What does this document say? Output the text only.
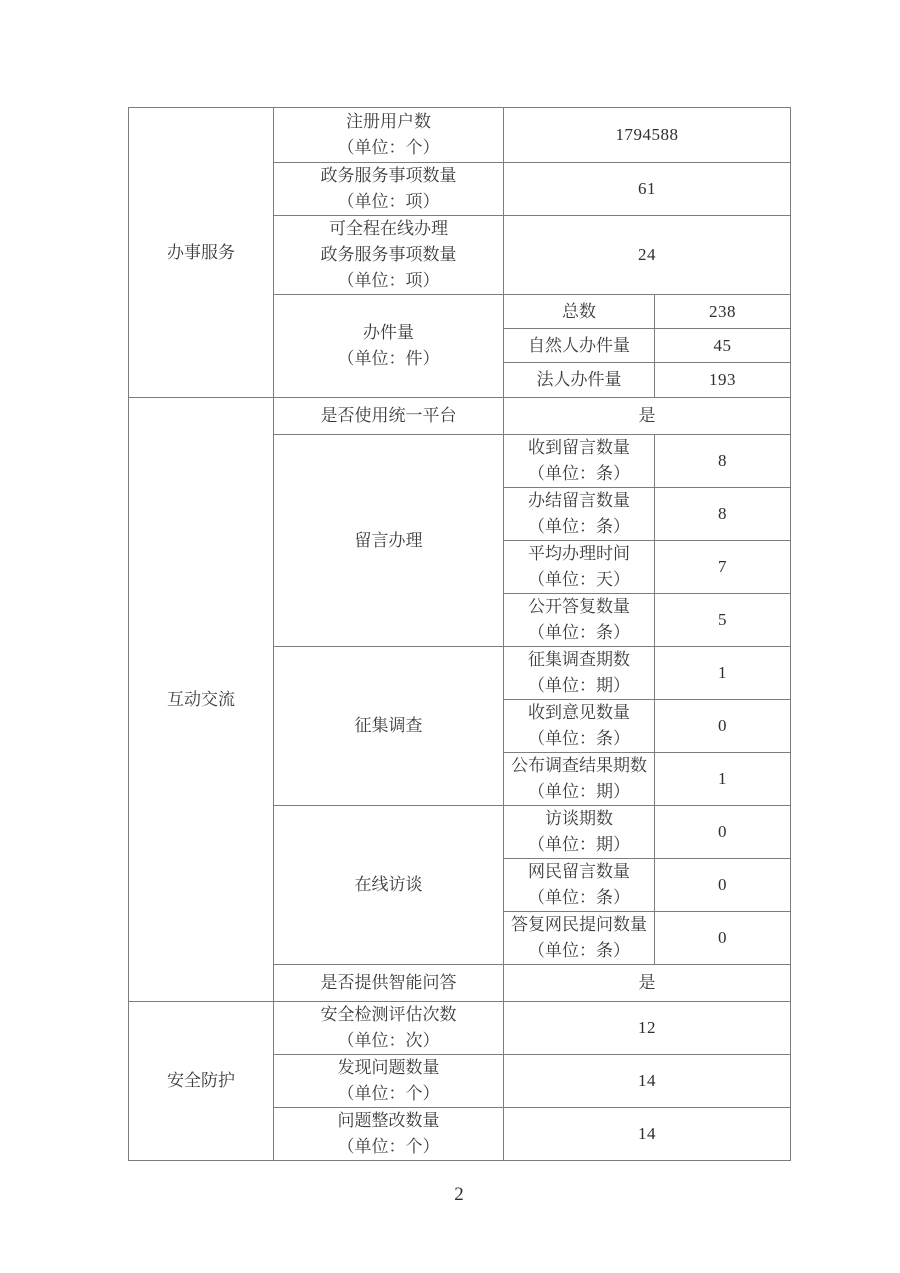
办事服务	注册用户数
（单位：个）	1794588	

	政务服务事项数量
（单位：项）	61	

	可全程在线办理
政务服务事项数量
（单位：项）	24	

	办件量
（单位：件）	总数	238

		自然人办件量	45

		法人办件量	193

互动交流	是否使用统一平台	是	

	留言办理	收到留言数量
（单位：条）	8

		办结留言数量
（单位：条）	8

		平均办理时间
（单位：天）	7

		公开答复数量
（单位：条）	5

	征集调查	征集调查期数
（单位：期）	1

		收到意见数量
（单位：条）	0

		公布调查结果期数
（单位：期）	1

	在线访谈	访谈期数
（单位：期）	0

		网民留言数量
（单位：条）	0

		答复网民提问数量
（单位：条）	0

	是否提供智能问答	是	

安全防护	安全检测评估次数
（单位：次）	12	

	发现问题数量
（单位：个）	14	

	问题整改数量
（单位：个）	14	
2
